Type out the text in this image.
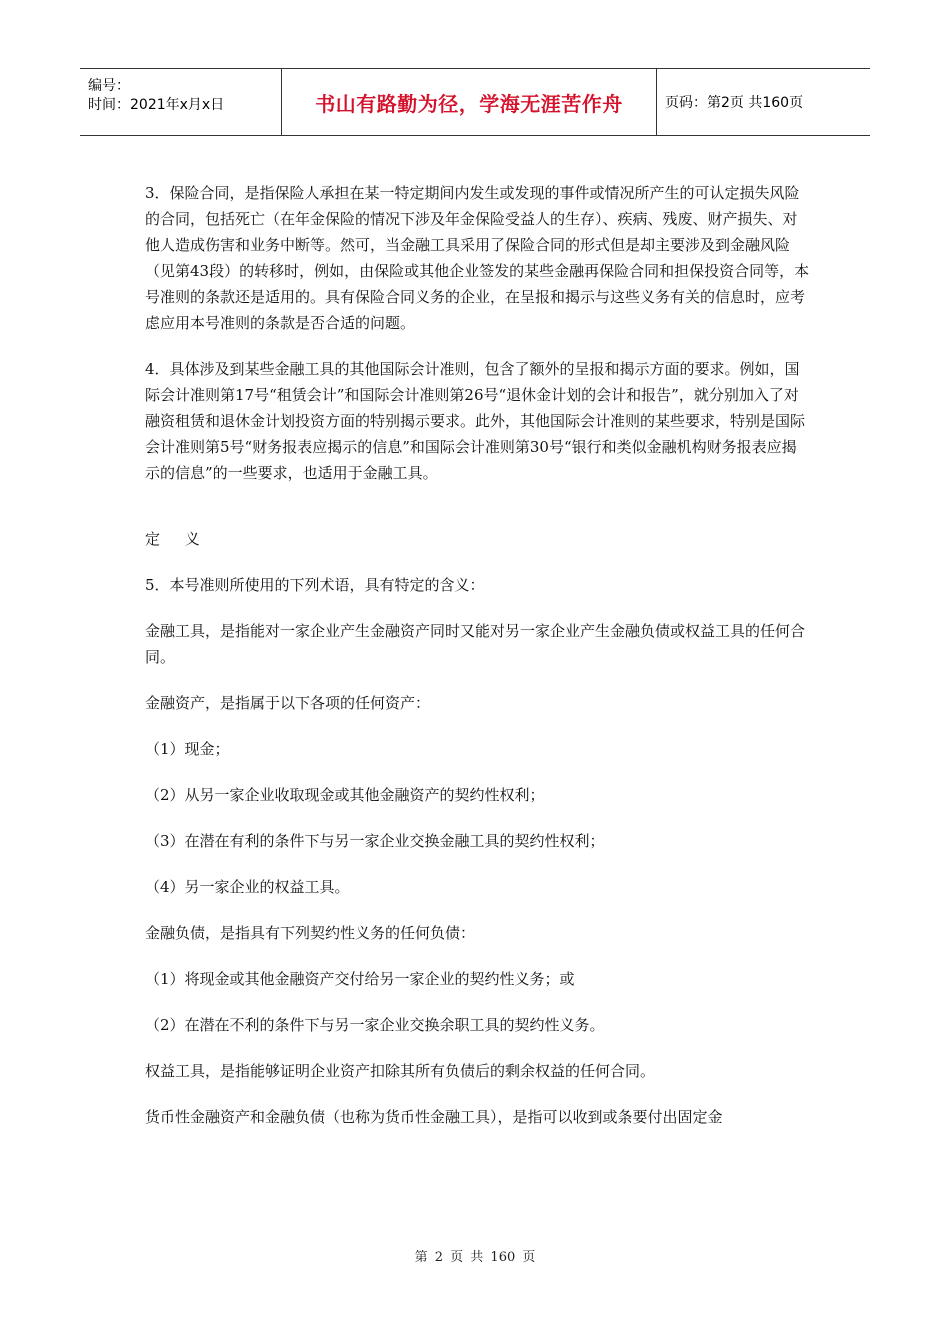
编号：
时间：2021年x月x日	书山有路勤为径，学海无涯苦作舟	页码：第2页 共160页

3．保险合同，是指保险人承担在某一特定期间内发生或发现的事件或情况所产生的可认定损失风险的合同，包括死亡（在年金保险的情况下涉及年金保险受益人的生存）、疾病、残废、财产损失、对他人造成伤害和业务中断等。然可，当金融工具采用了保险合同的形式但是却主要涉及到金融风险（见第43段）的转移时，例如，由保险或其他企业签发的某些金融再保险合同和担保投资合同等，本号准则的条款还是适用的。具有保险合同义务的企业，在呈报和揭示与这些义务有关的信息时，应考虑应用本号准则的条款是否合适的问题。

4．具体涉及到某些金融工具的其他国际会计准则，包含了额外的呈报和揭示方面的要求。例如，国际会计准则第17号“租赁会计”和国际会计准则第26号“退休金计划的会计和报告”，就分别加入了对融资租赁和退休金计划投资方面的特别揭示要求。此外，其他国际会计准则的某些要求，特别是国际会计准则第5号“财务报表应揭示的信息”和国际会计准则第30号“银行和类似金融机构财务报表应揭示的信息”的一些要求，也适用于金融工具。

定 义

5．本号准则所使用的下列术语，具有特定的含义：

金融工具，是指能对一家企业产生金融资产同时又能对另一家企业产生金融负债或权益工具的任何合同。

金融资产，是指属于以下各项的任何资产：

（1）现金；

（2）从另一家企业收取现金或其他金融资产的契约性权利；

（3）在潜在有利的条件下与另一家企业交换金融工具的契约性权利；

（4）另一家企业的权益工具。

金融负债，是指具有下列契约性义务的任何负债：

（1）将现金或其他金融资产交付给另一家企业的契约性义务；或

（2）在潜在不利的条件下与另一家企业交换余职工具的契约性义务。

权益工具，是指能够证明企业资产扣除其所有负债后的剩余权益的任何合同。

货币性金融资产和金融负债（也称为货币性金融工具），是指可以收到或条要付出固定金

第 2 页 共 160 页
